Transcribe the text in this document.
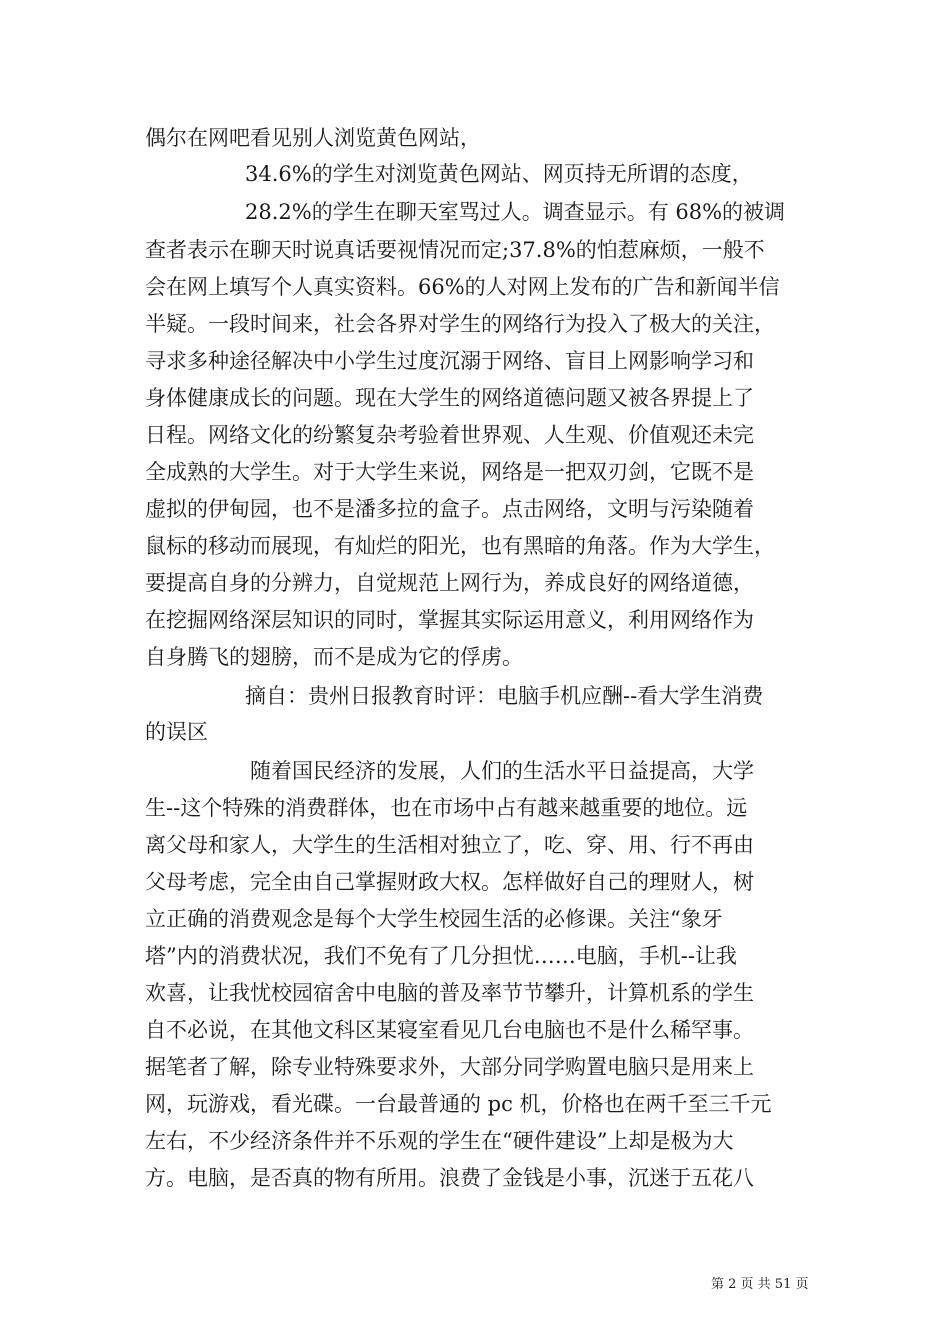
偶尔在网吧看见别人浏览黄色网站，

34.6%的学生对浏览黄色网站、网页持无所谓的态度，

28.2%的学生在聊天室骂过人。调查显示。有 68%的被调

查者表示在聊天时说真话要视情况而定;37.8%的怕惹麻烦，一般不

会在网上填写个人真实资料。66%的人对网上发布的广告和新闻半信

半疑。一段时间来，社会各界对学生的网络行为投入了极大的关注，

寻求多种途径解决中小学生过度沉溺于网络、盲目上网影响学习和

身体健康成长的问题。现在大学生的网络道德问题又被各界提上了

日程。网络文化的纷繁复杂考验着世界观、人生观、价值观还未完

全成熟的大学生。对于大学生来说，网络是一把双刃剑，它既不是

虚拟的伊甸园，也不是潘多拉的盒子。点击网络，文明与污染随着

鼠标的移动而展现，有灿烂的阳光，也有黑暗的角落。作为大学生，

要提高自身的分辨力，自觉规范上网行为，养成良好的网络道德，

在挖掘网络深层知识的同时，掌握其实际运用意义，利用网络作为

自身腾飞的翅膀，而不是成为它的俘虏。

摘自：贵州日报教育时评：电脑手机应酬--看大学生消费

的误区

随着国民经济的发展，人们的生活水平日益提高，大学

生--这个特殊的消费群体，也在市场中占有越来越重要的地位。远

离父母和家人，大学生的生活相对独立了，吃、穿、用、行不再由

父母考虑，完全由自己掌握财政大权。怎样做好自己的理财人，树

立正确的消费观念是每个大学生校园生活的必修课。关注“象牙

塔”内的消费状况，我们不免有了几分担忧……电脑，手机--让我

欢喜，让我忧校园宿舍中电脑的普及率节节攀升，计算机系的学生

自不必说，在其他文科区某寝室看见几台电脑也不是什么稀罕事。

据笔者了解，除专业特殊要求外，大部分同学购置电脑只是用来上

网，玩游戏，看光碟。一台最普通的 pc 机，价格也在两千至三千元

左右，不少经济条件并不乐观的学生在“硬件建设”上却是极为大

方。电脑，是否真的物有所用。浪费了金钱是小事，沉迷于五花八

第 2 页 共 51 页
